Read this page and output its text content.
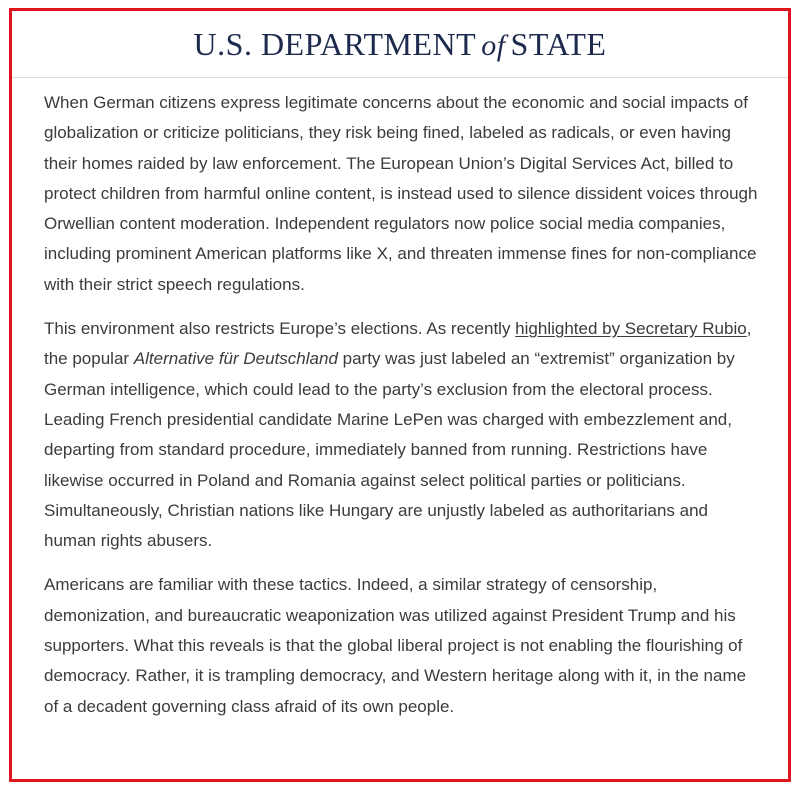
U.S. DEPARTMENT of STATE

When German citizens express legitimate concerns about the economic and social impacts of globalization or criticize politicians, they risk being fined, labeled as radicals, or even having their homes raided by law enforcement. The European Union’s Digital Services Act, billed to protect children from harmful online content, is instead used to silence dissident voices through Orwellian content moderation. Independent regulators now police social media companies, including prominent American platforms like X, and threaten immense fines for non-compliance with their strict speech regulations.

This environment also restricts Europe’s elections. As recently highlighted by Secretary Rubio, the popular Alternative für Deutschland party was just labeled an “extremist” organization by German intelligence, which could lead to the party’s exclusion from the electoral process. Leading French presidential candidate Marine LePen was charged with embezzlement and, departing from standard procedure, immediately banned from running. Restrictions have likewise occurred in Poland and Romania against select political parties or politicians. Simultaneously, Christian nations like Hungary are unjustly labeled as authoritarians and human rights abusers.

Americans are familiar with these tactics. Indeed, a similar strategy of censorship, demonization, and bureaucratic weaponization was utilized against President Trump and his supporters. What this reveals is that the global liberal project is not enabling the flourishing of democracy. Rather, it is trampling democracy, and Western heritage along with it, in the name of a decadent governing class afraid of its own people.
